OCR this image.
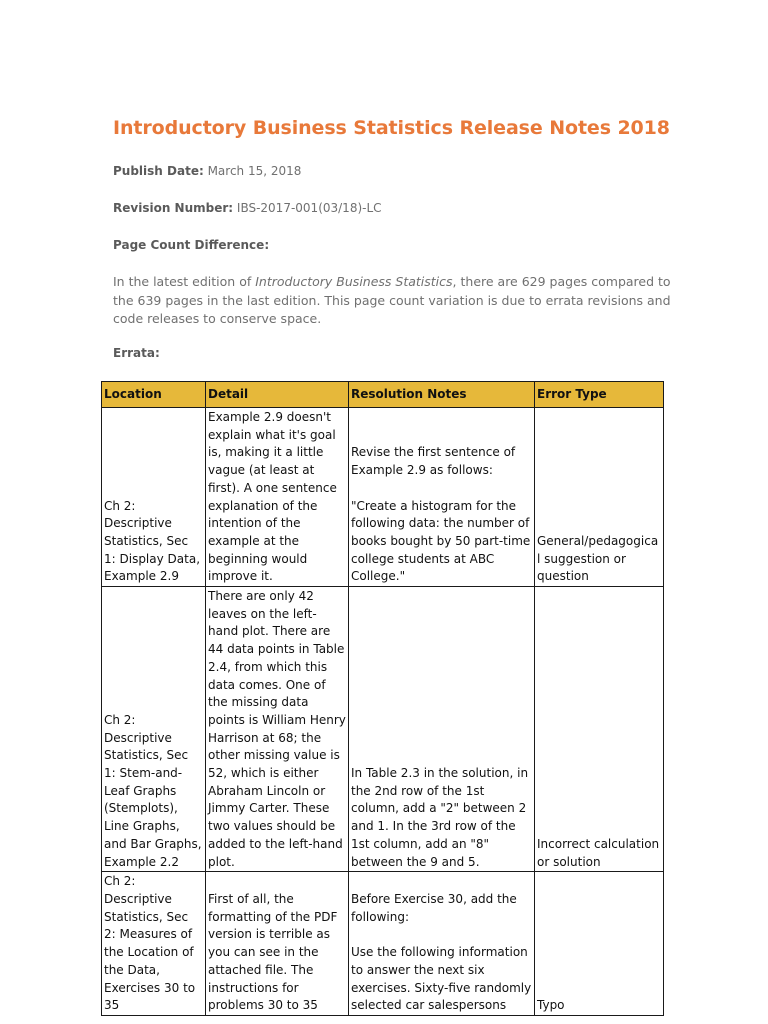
Introductory Business Statistics Release Notes 2018

Publish Date: March 15, 2018

Revision Number: IBS-2017-001(03/18)-LC

Page Count Difference:

In the latest edition of Introductory Business Statistics, there are 629 pages compared to the 639 pages in the last edition. This page count variation is due to errata revisions and code releases to conserve space.

Errata:

Location	Detail	Resolution Notes	Error Type
Ch 2: Descriptive Statistics, Sec 1: Display Data, Example 2.9	Example 2.9 doesn't explain what it's goal is, making it a little vague (at least at first). A one sentence explanation of the intention of the example at the beginning would improve it.	Revise the first sentence of Example 2.9 as follows:

"Create a histogram for the following data: the number of books bought by 50 part-time college students at ABC College."	General/pedagogical suggestion or question
Ch 2: Descriptive Statistics, Sec 1: Stem-and-Leaf Graphs (Stemplots), Line Graphs, and Bar Graphs, Example 2.2	There are only 42 leaves on the left-hand plot. There are 44 data points in Table 2.4, from which this data comes. One of the missing data points is William Henry Harrison at 68; the other missing value is 52, which is either Abraham Lincoln or Jimmy Carter. These two values should be added to the left-hand plot.	In Table 2.3 in the solution, in the 2nd row of the 1st column, add a "2" between 2 and 1. In the 3rd row of the 1st column, add an "8" between the 9 and 5.	Incorrect calculation or solution
Ch 2: Descriptive Statistics, Sec 2: Measures of the Location of the Data, Exercises 30 to 35	First of all, the formatting of the PDF version is terrible as you can see in the attached file. The instructions for problems 30 to 35	Before Exercise 30, add the following:

Use the following information to answer the next six exercises. Sixty-five randomly selected car salespersons	Typo
